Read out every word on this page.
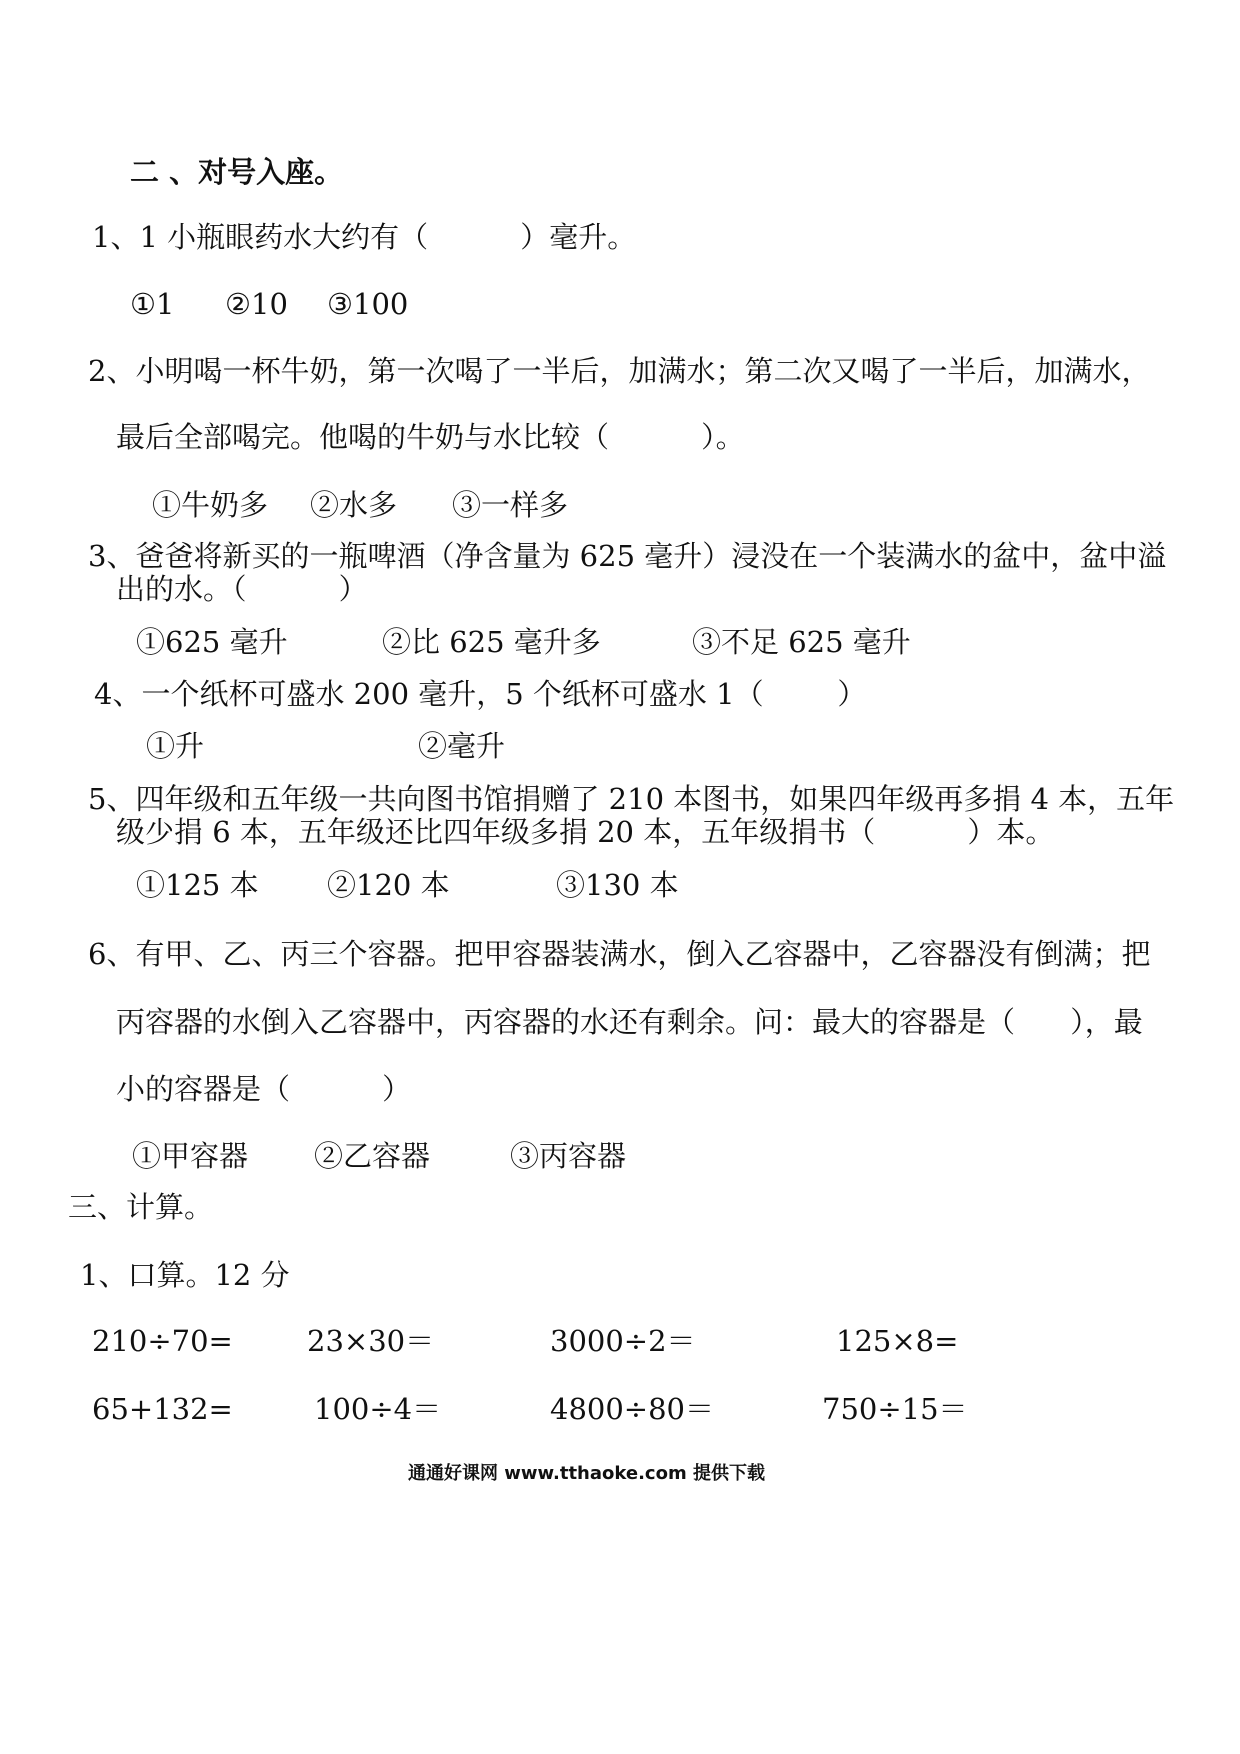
二 、对号入座。
1、1 小瓶眼药水大约有（          ）毫升。
①1 ②10 ③100
2、小明喝一杯牛奶，第一次喝了一半后，加满水；第二次又喝了一半后，加满水，
最后全部喝完。他喝的牛奶与水比较（          ）。
①牛奶多 ②水多 ③一样多
3、爸爸将新买的一瓶啤酒（净含量为 625 毫升）浸没在一个装满水的盆中，盆中溢
出的水。（          ）
①625 毫升	②比 625 毫升多	③不足 625 毫升
4、一个纸杯可盛水 200 毫升，5 个纸杯可盛水 1（        ）
①升	②毫升
5、四年级和五年级一共向图书馆捐赠了 210 本图书，如果四年级再多捐 4 本，五年
级少捐 6 本，五年级还比四年级多捐 20 本，五年级捐书（          ）本。
①125 本 ②120 本	③130 本
6、有甲、乙、丙三个容器。把甲容器装满水，倒入乙容器中，乙容器没有倒满；把
丙容器的水倒入乙容器中，丙容器的水还有剩余。问：最大的容器是（      ），最
小的容器是（          ）
①甲容器 ②乙容器	③丙容器
三、计算。
1、口算。12 分
210÷70=	23×30＝	3000÷2＝	125×8=
65+132=	100÷4＝	4800÷80＝	750÷15＝
通通好课网 www.tthaoke.com 提供下载
